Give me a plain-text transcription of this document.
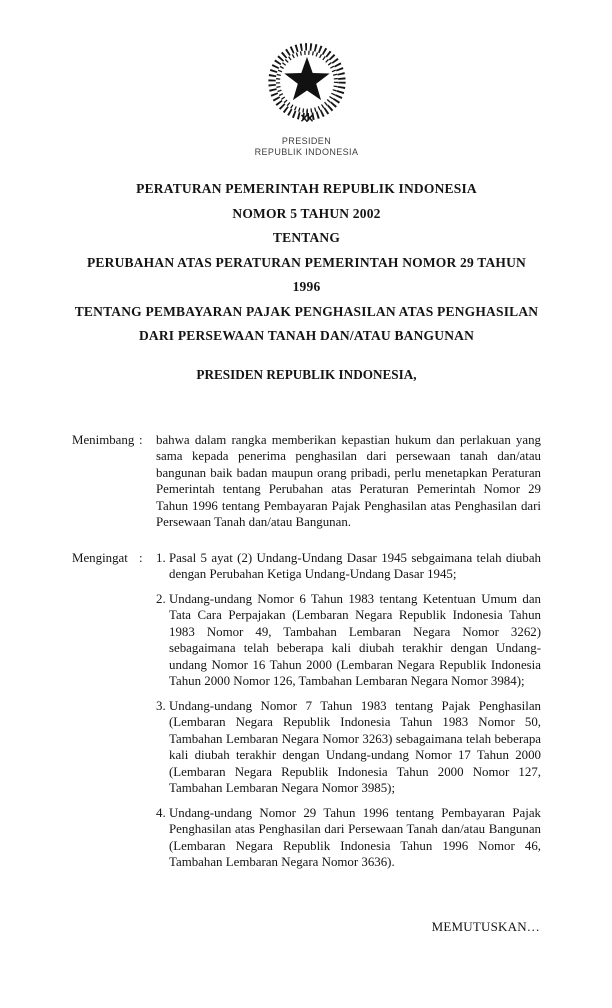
PRESIDEN
REPUBLIK INDONESIA
PERATURAN PEMERINTAH REPUBLIK INDONESIA
NOMOR 5 TAHUN 2002
TENTANG
PERUBAHAN ATAS PERATURAN PEMERINTAH NOMOR 29 TAHUN 1996
TENTANG PEMBAYARAN PAJAK PENGHASILAN ATAS PENGHASILAN
DARI PERSEWAAN TANAH DAN/ATAU BANGUNAN
PRESIDEN REPUBLIK INDONESIA,
Menimbang :	bahwa dalam rangka memberikan kepastian hukum dan perlakuan yang sama kepada penerima penghasilan dari persewaan tanah dan/atau bangunan baik badan maupun orang pribadi, perlu menetapkan Peraturan Pemerintah tentang Perubahan atas Peraturan Pemerintah Nomor 29 Tahun 1996 tentang Pembayaran Pajak Penghasilan atas Penghasilan dari Persewaan Tanah dan/atau Bangunan.
Mengingat :	1. Pasal 5 ayat (2) Undang-Undang Dasar 1945 sebgaimana telah diubah dengan Perubahan Ketiga Undang-Undang Dasar 1945;
2. Undang-undang Nomor 6 Tahun 1983 tentang Ketentuan Umum dan Tata Cara Perpajakan (Lembaran Negara Republik Indonesia Tahun 1983 Nomor 49, Tambahan Lembaran Negara Nomor 3262) sebagaimana telah beberapa kali diubah terakhir dengan Undang-undang Nomor 16 Tahun 2000 (Lembaran Negara Republik Indonesia Tahun 2000 Nomor 126, Tambahan Lembaran Negara Nomor 3984);
3. Undang-undang Nomor 7 Tahun 1983 tentang Pajak Penghasilan (Lembaran Negara Republik Indonesia Tahun 1983 Nomor 50, Tambahan Lembaran Negara Nomor 3263) sebagaimana telah beberapa kali diubah terakhir dengan Undang-undang Nomor 17 Tahun 2000 (Lembaran Negara Republik Indonesia Tahun 2000 Nomor 127, Tambahan Lembaran Negara Nomor 3985);
4. Undang-undang Nomor 29 Tahun 1996 tentang Pembayaran Pajak Penghasilan atas Penghasilan dari Persewaan Tanah dan/atau Bangunan (Lembaran Negara Republik Indonesia Tahun 1996 Nomor 46, Tambahan Lembaran Negara Nomor 3636).
MEMUTUSKAN…
